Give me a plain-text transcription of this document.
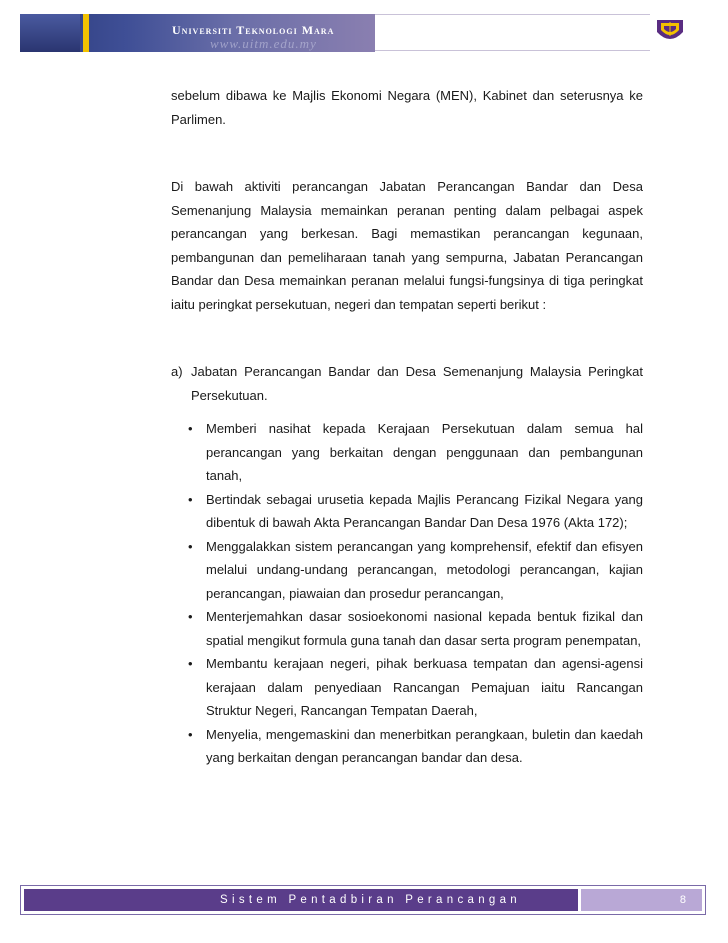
Universiti Teknologi Mara
www.uitm.edu.my

sebelum dibawa ke Majlis Ekonomi Negara (MEN), Kabinet dan seterusnya ke Parlimen.

Di bawah aktiviti perancangan Jabatan Perancangan Bandar dan Desa Semenanjung Malaysia memainkan peranan penting dalam pelbagai aspek perancangan yang berkesan. Bagi memastikan perancangan kegunaan, pembangunan dan pemeliharaan tanah yang sempurna, Jabatan Perancangan Bandar dan Desa memainkan peranan melalui fungsi-fungsinya di tiga peringkat iaitu peringkat persekutuan, negeri dan tempatan seperti berikut :

a) Jabatan Perancangan Bandar dan Desa Semenanjung Malaysia Peringkat Persekutuan.
•	Memberi nasihat kepada Kerajaan Persekutuan dalam semua hal perancangan yang berkaitan dengan penggunaan dan pembangunan tanah,
•	Bertindak sebagai urusetia kepada Majlis Perancang Fizikal Negara yang dibentuk di bawah Akta Perancangan Bandar Dan Desa 1976 (Akta 172);
•	Menggalakkan sistem perancangan yang komprehensif, efektif dan efisyen melalui undang-undang perancangan, metodologi perancangan, kajian perancangan, piawaian dan prosedur perancangan,
•	Menterjemahkan dasar sosioekonomi nasional kepada bentuk fizikal dan spatial mengikut formula guna tanah dan dasar serta program penempatan,
•	Membantu kerajaan negeri, pihak berkuasa tempatan dan agensi-agensi kerajaan dalam penyediaan Rancangan Pemajuan iaitu Rancangan Struktur Negeri, Rancangan Tempatan Daerah,
•	Menyelia, mengemaskini dan menerbitkan perangkaan, buletin dan kaedah yang berkaitan dengan perancangan bandar dan desa.
Sistem Pentadbiran Perancangan Bandar
8
